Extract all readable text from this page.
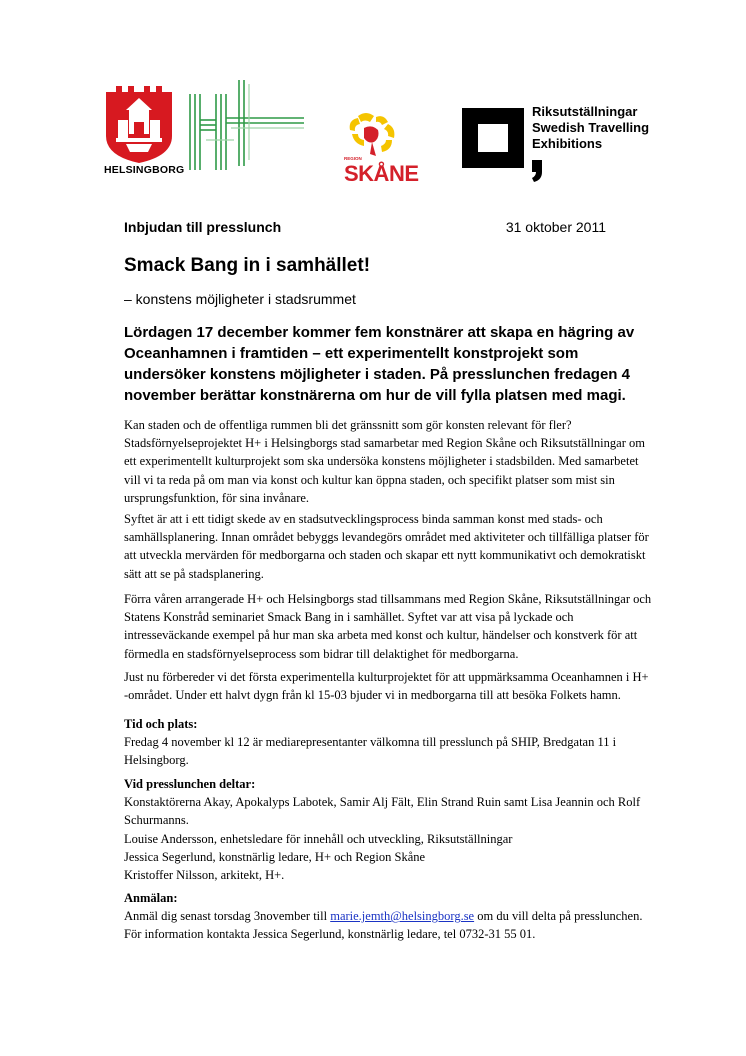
HELSINGBORG
REGION
SKÅNE
Riksutställningar
Swedish Travelling
Exhibitions
Inbjudan till presslunch	31 oktober 2011
Smack Bang in i samhället!

– konstens möjligheter i stadsrummet

Lördagen 17 december kommer fem konstnärer att skapa en hägring av Oceanhamnen i framtiden – ett experimentellt konstprojekt som undersöker konstens möjligheter i staden. På presslunchen fredagen 4 november berättar konstnärerna om hur de vill fylla platsen med magi.

Kan staden och de offentliga rummen bli det gränssnitt som gör konsten relevant för fler?
Stadsförnyelseprojektet H+ i Helsingborgs stad samarbetar med Region Skåne och Riksutställningar om
ett experimentellt kulturprojekt som ska undersöka konstens möjligheter i stadsbilden. Med samarbetet
vill vi ta reda på om man via konst och kultur kan öppna staden, och specifikt platser som mist sin
ursprungsfunktion, för sina invånare.
Syftet är att i ett tidigt skede av en stadsutvecklingsprocess binda samman konst med stads- och
samhällsplanering. Innan området bebyggs levandegörs området med aktiviteter och tillfälliga platser för
att utveckla mervärden för medborgarna och staden och skapar ett nytt kommunikativt och demokratiskt
sätt att se på stadsplanering.
Förra våren arrangerade H+ och Helsingborgs stad tillsammans med Region Skåne, Riksutställningar och
Statens Konstråd seminariet Smack Bang in i samhället. Syftet var att visa på lyckade och
intresseväckande exempel på hur man ska arbeta med konst och kultur, händelser och konstverk för att
förmedla en stadsförnyelseprocess som bidrar till delaktighet för medborgarna.
Just nu förbereder vi det första experimentella kulturprojektet för att uppmärksamma Oceanhamnen i H+
-området. Under ett halvt dygn från kl 15-03 bjuder vi in medborgarna till att besöka Folkets hamn.
Tid och plats:
Fredag 4 november kl 12 är mediarepresentanter välkomna till presslunch på SHIP, Bredgatan 11 i
Helsingborg.
Vid presslunchen deltar:
Konstaktörerna Akay, Apokalyps Labotek, Samir Alj Fält, Elin Strand Ruin samt Lisa Jeannin och Rolf
Schurmanns.
Louise Andersson, enhetsledare för innehåll och utveckling, Riksutställningar
Jessica Segerlund, konstnärlig ledare, H+ och Region Skåne
Kristoffer Nilsson, arkitekt, H+.
Anmälan:
Anmäl dig senast torsdag 3november till marie.jemth@helsingborg.se om du vill delta på presslunchen.
För information kontakta Jessica Segerlund, konstnärlig ledare, tel 0732-31 55 01.
